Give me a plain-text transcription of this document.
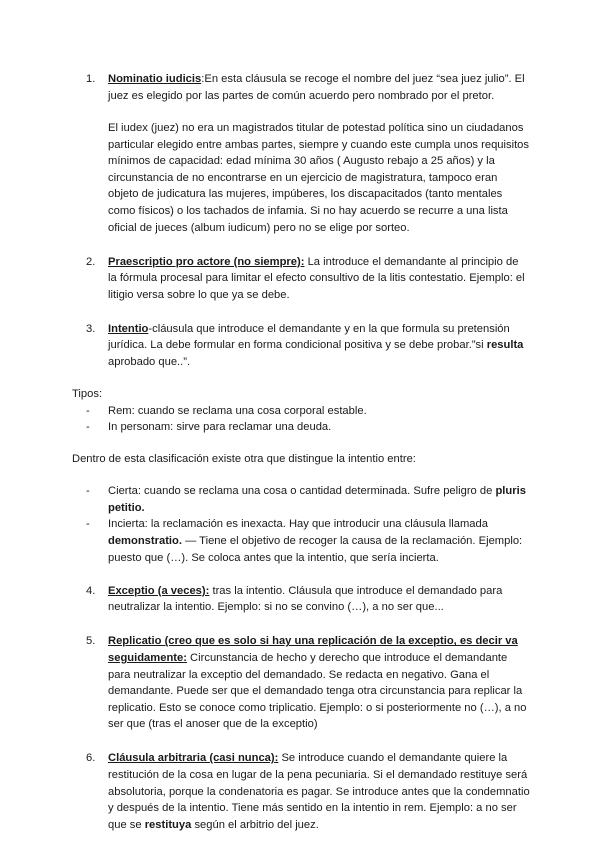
1. Nominatio iudicis:En esta cláusula se recoge el nombre del juez “sea juez julio”. El
juez es elegido por las partes de común acuerdo pero nombrado por el pretor.
El iudex (juez) no era un magistrados titular de potestad política sino un ciudadanos
particular elegido entre ambas partes, siempre y cuando este cumpla unos requisitos
mínimos de capacidad: edad mínima 30 años ( Augusto rebajo a 25 años) y la
circunstancia de no encontrarse en un ejercicio de magistratura, tampoco eran
objeto de judicatura las mujeres, impúberes, los discapacitados (tanto mentales
como físicos) o los tachados de infamia. Si no hay acuerdo se recurre a una lista
oficial de jueces (album iudicum) pero no se elige por sorteo.
2. Praescriptio pro actore (no siempre): La introduce el demandante al principio de
la fórmula procesal para limitar el efecto consultivo de la litis contestatio. Ejemplo: el
litigio versa sobre lo que ya se debe.
3. Intentio-cláusula que introduce el demandante y en la que formula su pretensión
jurídica. La debe formular en forma condicional positiva y se debe probar.”si resulta
aprobado que..”.
Tipos:
- Rem: cuando se reclama una cosa corporal estable.
- In personam: sirve para reclamar una deuda.
Dentro de esta clasificación existe otra que distingue la intentio entre:
- Cierta: cuando se reclama una cosa o cantidad determinada. Sufre peligro de pluris
petitio.
- Incierta: la reclamación es inexacta. Hay que introducir una cláusula llamada
demonstratio. — Tiene el objetivo de recoger la causa de la reclamación. Ejemplo:
puesto que (…). Se coloca antes que la intentio, que sería incierta.
4. Exceptio (a veces): tras la intentio. Cláusula que introduce el demandado para
neutralizar la intentio. Ejemplo: si no se convino (…), a no ser que...
5. Replicatio (creo que es solo si hay una replicación de la exceptio, es decir va
seguidamente: Circunstancia de hecho y derecho que introduce el demandante
para neutralizar la exceptio del demandado. Se redacta en negativo. Gana el
demandante. Puede ser que el demandado tenga otra circunstancia para replicar la
replicatio. Esto se conoce como triplicatio. Ejemplo: o si posteriormente no (…), a no
ser que (tras el anoser que de la exceptio)
6. Cláusula arbitraria (casi nunca): Se introduce cuando el demandante quiere la
restitución de la cosa en lugar de la pena pecuniaria. Si el demandado restituye será
absolutoria, porque la condenatoria es pagar. Se introduce antes que la condemnatio
y después de la intentio. Tiene más sentido en la intentio in rem. Ejemplo: a no ser
que se restituya según el arbitrio del juez.
